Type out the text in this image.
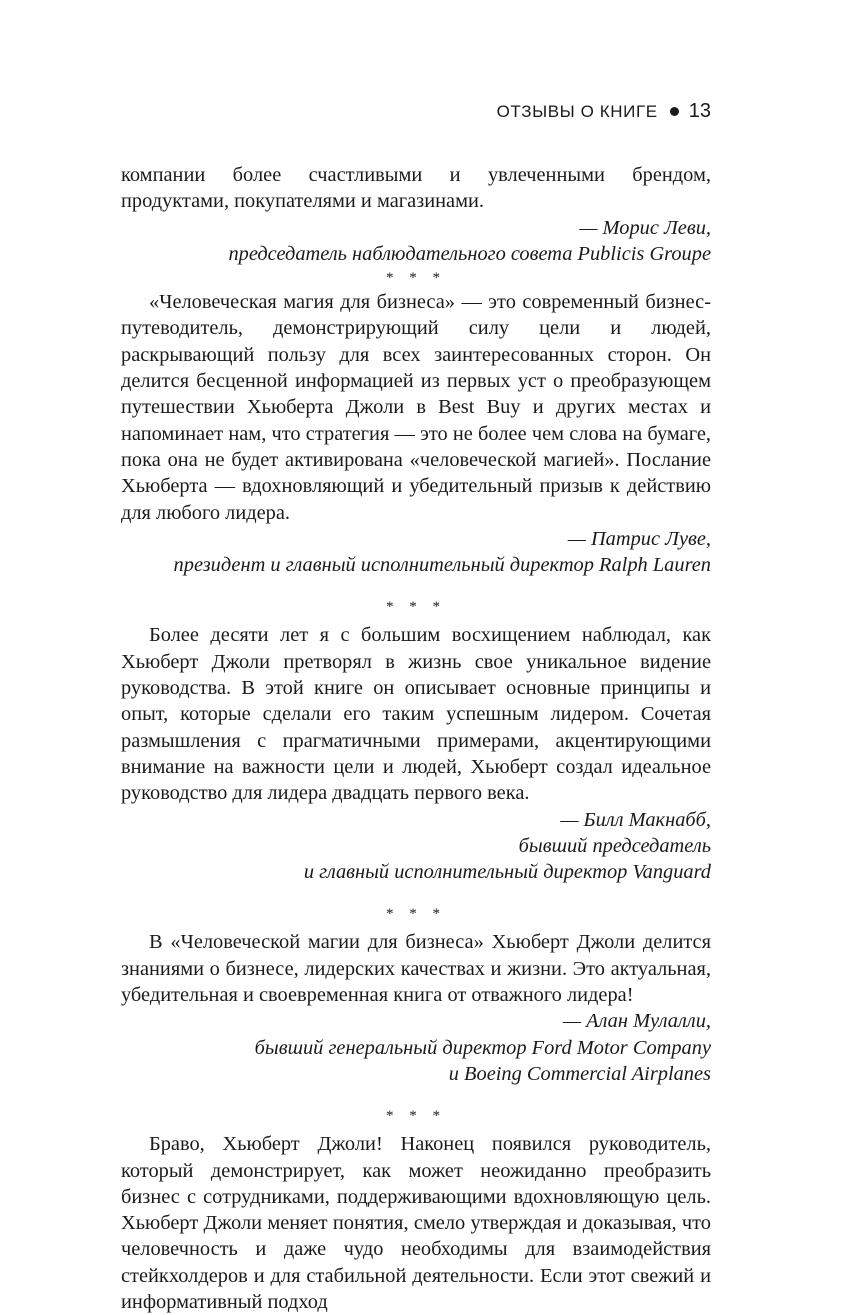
ОТЗЫВЫ О КНИГЕ 13

компании более счастливыми и увлеченными брендом, продуктами, покупателями и магазинами.

— Морис Леви,
председатель наблюдательного совета Publicis Groupe
* * *

«Человеческая магия для бизнеса» — это современный бизнес-путеводитель, демонстрирующий силу цели и людей, раскрывающий пользу для всех заинтересованных сторон. Он делится бесценной информацией из первых уст о преобразующем путешествии Хьюберта Джоли в Best Buy и других местах и напоминает нам, что стратегия — это не более чем слова на бумаге, пока она не будет активирована «человеческой магией». Послание Хьюберта — вдохновляющий и убедительный призыв к действию для любого лидера.

— Патрис Луве,
президент и главный исполнительный директор Ralph Lauren
* * *

Более десяти лет я с большим восхищением наблюдал, как Хьюберт Джоли претворял в жизнь свое уникальное видение руководства. В этой книге он описывает основные принципы и опыт, которые сделали его таким успешным лидером. Сочетая размышления с прагматичными примерами, акцентирующими внимание на важности цели и людей, Хьюберт создал идеальное руководство для лидера двадцать первого века.

— Билл Макнабб,
бывший председатель
и главный исполнительный директор Vanguard
* * *

В «Человеческой магии для бизнеса» Хьюберт Джоли делится знаниями о бизнесе, лидерских качествах и жизни. Это актуальная, убедительная и своевременная книга от отважного лидера!

— Алан Мулалли,
бывший генеральный директор Ford Motor Company
и Boeing Commercial Airplanes
* * *

Браво, Хьюберт Джоли! Наконец появился руководитель, который демонстрирует, как может неожиданно преобразить бизнес с сотрудниками, поддерживающими вдохновляющую цель. Хьюберт Джоли меняет понятия, смело утверждая и доказывая, что человечность и даже чудо необходимы для взаимодействия стейкхолдеров и для стабильной деятельности. Если этот свежий и информативный подход
